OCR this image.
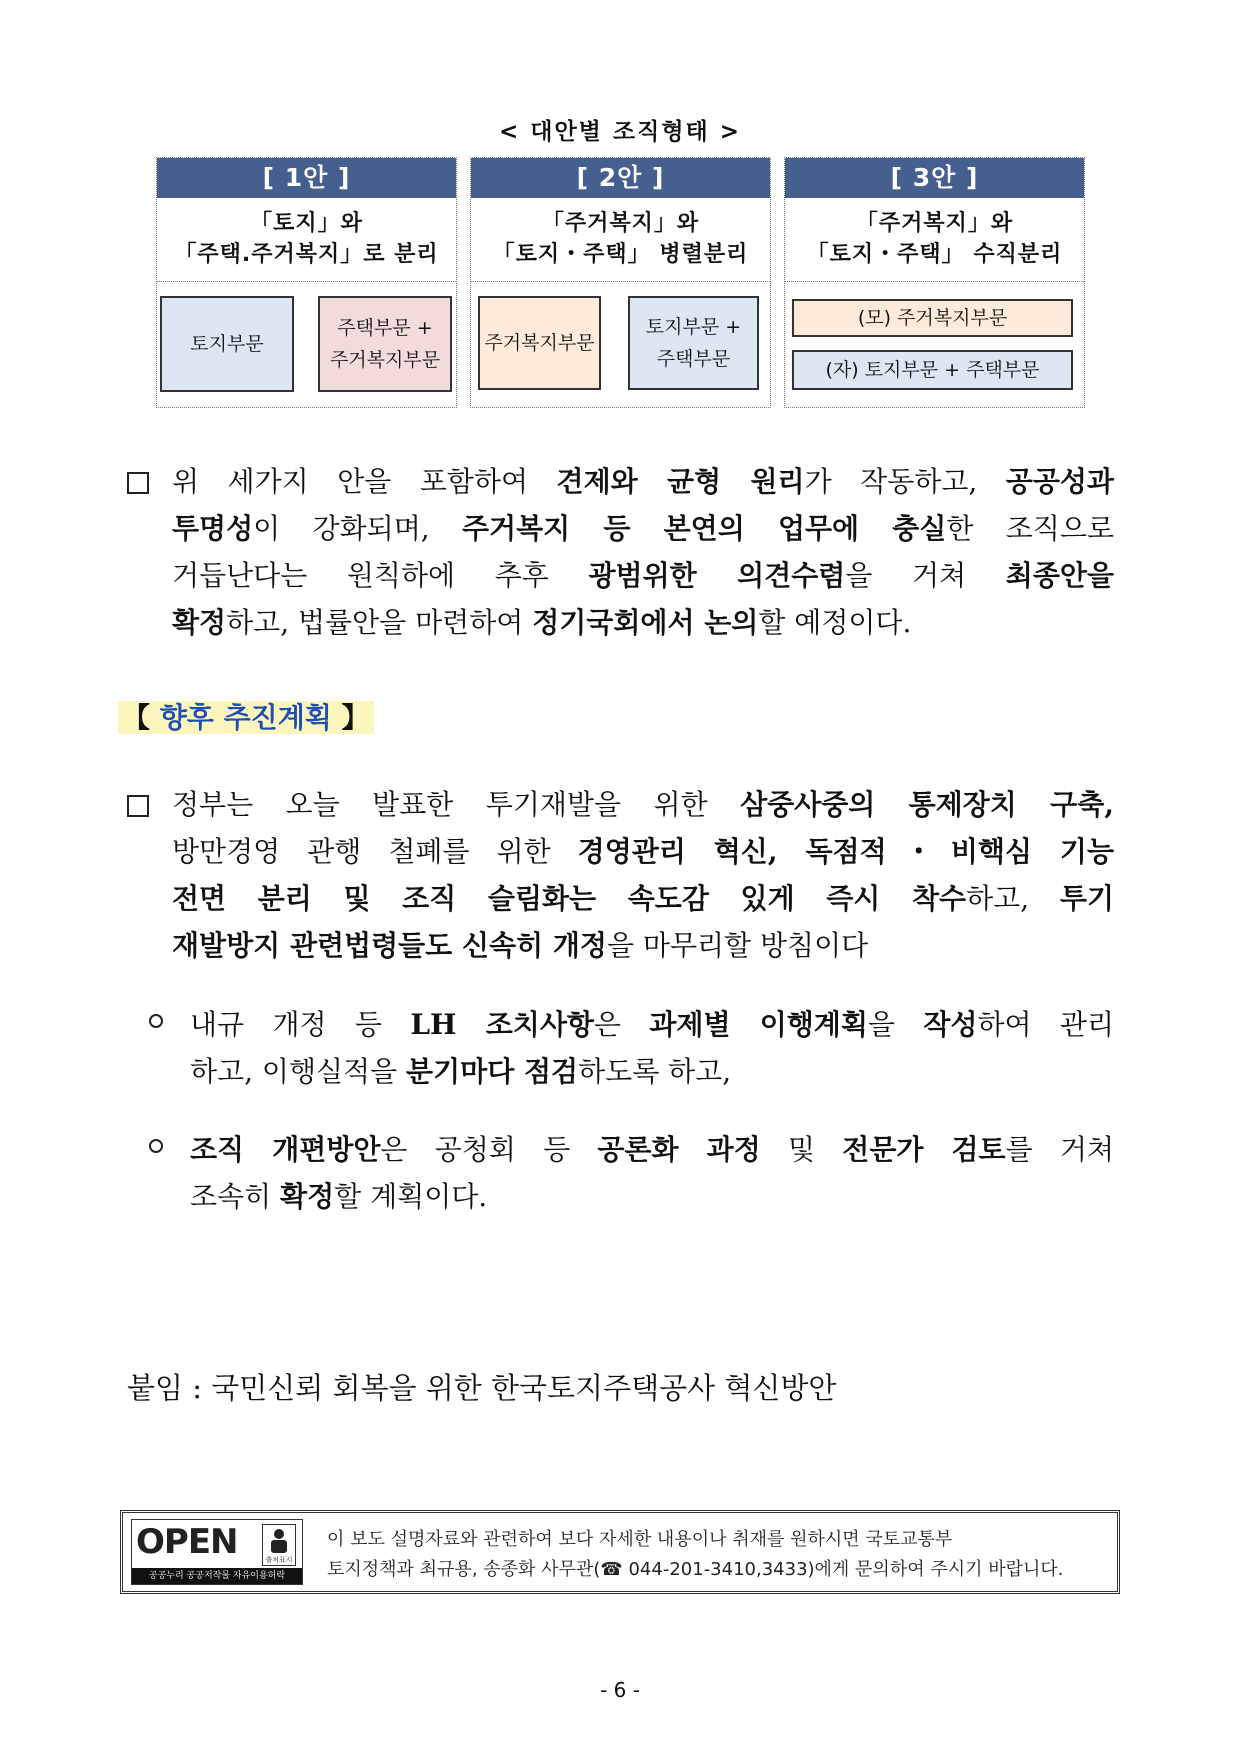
< 대안별 조직형태 >
[ 1안 ]
「토지」와
「주택.주거복지」로 분리
토지부문
주택부문 +
주거복지부문
[ 2안 ]
「주거복지」와
「토지・주택」 병렬분리
주거복지부문
토지부문 +
주택부문
[ 3안 ]
「주거복지」와
「토지・주택」 수직분리
(모) 주거복지부문
(자) 토지부문 + 주택부문
위 세가지 안을 포함하여 견제와 균형 원리가 작동하고, 공공성과
투명성이 강화되며, 주거복지 등 본연의 업무에 충실한 조직으로
거듭난다는 원칙하에 추후 광범위한 의견수렴을 거쳐 최종안을
확정하고, 법률안을 마련하여 정기국회에서 논의할 예정이다.
【 향후 추진계획 】
정부는 오늘 발표한 투기재발을 위한 삼중사중의 통제장치 구축,
방만경영 관행 철폐를 위한 경영관리 혁신, 독점적・비핵심 기능
전면 분리 및 조직 슬림화는 속도감 있게 즉시 착수하고, 투기
재발방지 관련법령들도 신속히 개정을 마무리할 방침이다
내규 개정 등 LH 조치사항은 과제별 이행계획을 작성하여 관리
하고, 이행실적을 분기마다 점검하도록 하고,
조직 개편방안은 공청회 등 공론화 과정 및 전문가 검토를 거쳐
조속히 확정할 계획이다.
붙임 : 국민신뢰 회복을 위한 한국토지주택공사 혁신방안
OPEN	출처표시
공공누리 공공저작물 자유이용허락
이 보도 설명자료와 관련하여 보다 자세한 내용이나 취재를 원하시면 국토교통부
토지정책과 최규용, 송종화 사무관(☎ 044-201-3410,3433)에게 문의하여 주시기 바랍니다.
- 6 -
